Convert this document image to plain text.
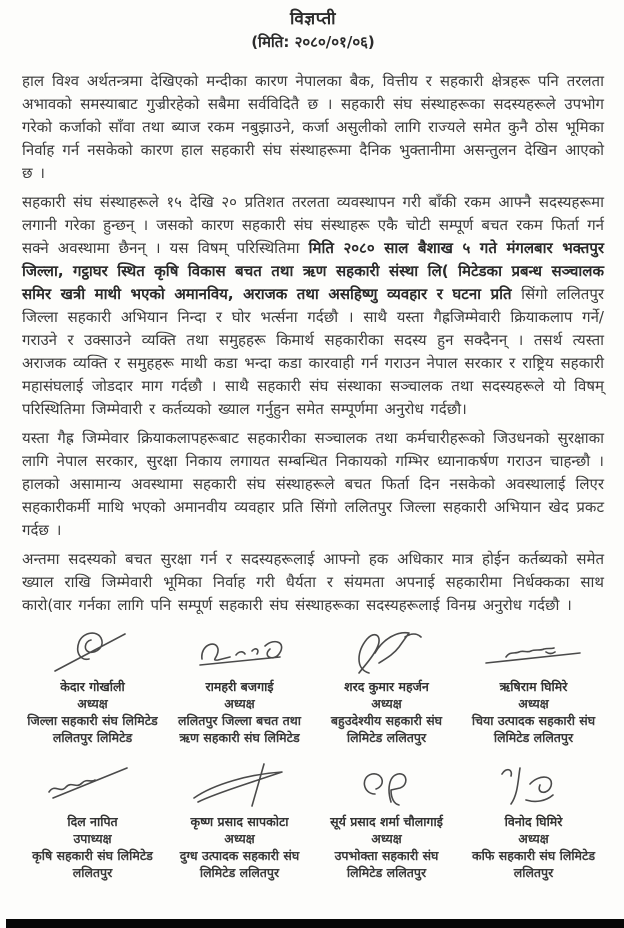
विज्ञप्ती
(मिति: २०८०/०१/०६)

हाल विश्व अर्थतन्त्रमा देखिएको मन्दीका कारण नेपालका बैक, वित्तीय र सहकारी क्षेत्रहरू पनि तरलता अभावको समस्याबाट गुज्रीरहेको सबैमा सर्वविदितै छ । सहकारी संघ संस्थाहरूका सदस्यहरूले उपभोग गरेको कर्जाको साँवा तथा ब्याज रकम नबुझाउने, कर्जा असुलीको लागि राज्यले समेत कुनै ठोस भूमिका निर्वाह गर्न नसकेको कारण हाल सहकारी संघ संस्थाहरूमा दैनिक भुक्तानीमा असन्तुलन देखिन आएको छ ।

सहकारी संघ संस्थाहरूले १५ देखि २० प्रतिशत तरलता व्यवस्थापन गरी बाँकी रकम आफ्नै सदस्यहरूमा लगानी गरेका हुन्छन् । जसको कारण सहकारी संघ संस्थाहरू एकै चोटी सम्पूर्ण बचत रकम फिर्ता गर्न सक्ने अवस्थामा छैनन् । यस विषम् परिस्थितिमा मिति २०८० साल बैशाख ५ गते मंगलबार भक्तपुर जिल्ला, गट्ठाघर स्थित कृषि विकास बचत तथा ऋण सहकारी संस्था लि( मिटेडका प्रबन्ध सञ्चालक समिर खत्री माथी भएको अमानविय, अराजक तथा असहिष्णु व्यवहार र घटना प्रति सिंगो ललितपुर जिल्ला सहकारी अभियान निन्दा र घोर भर्त्सना गर्दछौ । साथै यस्ता गैह्रजिम्मेवारी क्रियाकलाप गर्ने/ गराउने र उक्साउने व्यक्ति तथा समुहहरू किमार्थ सहकारीका सदस्य हुन सक्दैनन् । तसर्थ त्यस्ता अराजक व्यक्ति र समुहहरू माथी कडा भन्दा कडा कारवाही गर्न गराउन नेपाल सरकार र राष्ट्रिय सहकारी महासंघलाई जोडदार माग गर्दछौ । साथै सहकारी संघ संस्थाका सञ्चालक तथा सदस्यहरूले यो विषम् परिस्थितिमा जिम्मेवारी र कर्तव्यको ख्याल गर्नुहुन समेत सम्पूर्णमा अनुरोध गर्दछौ।

यस्ता गैह्र जिम्मेवार क्रियाकलापहरूबाट सहकारीका सञ्चालक तथा कर्मचारीहरूको जिउधनको सुरक्षाका लागि नेपाल सरकार, सुरक्षा निकाय लगायत सम्बन्धित निकायको गम्भिर ध्यानाकर्षण गराउन चाहन्छौ । हालको असामान्य अवस्थामा सहकारी संघ संस्थाहरूले बचत फिर्ता दिन नसकेको अवस्थालाई लिएर सहकारीकर्मी माथि भएको अमानवीय व्यवहार प्रति सिंगो ललितपुर जिल्ला सहकारी अभियान खेद प्रकट गर्दछ ।

अन्तमा सदस्यको बचत सुरक्षा गर्न र सदस्यहरूलाई आफ्नो हक अधिकार मात्र होईन कर्तब्यको समेत ख्याल राखि जिम्मेवारी भूमिका निर्वाह गरी धैर्यता र संयमता अपनाई सहकारीमा निर्धक्कका साथ कारो(वार गर्नका लागि पनि सम्पूर्ण सहकारी संघ संस्थाहरूका सदस्यहरूलाई विनम्र अनुरोध गर्दछौ ।

केदार गोर्खाली
अध्यक्ष
जिल्ला सहकारी संघ लिमिटेड ललितपुर लिमिटेड
रामहरी बजगाई
अध्यक्ष
ललितपुर जिल्ला बचत तथा ऋण सहकारी संघ लिमिटेड
शरद कुमार महर्जन
अध्यक्ष
बहुउदेश्यीय सहकारी संघ लिमिटेड ललितपुर
ऋषिराम घिमिरे
अध्यक्ष
चिया उत्पादक सहकारी संघ लिमिटेड ललितपुर
दिल नापित
उपाध्यक्ष
कृषि सहकारी संघ लिमिटेड ललितपुर
कृष्ण प्रसाद सापकोटा
अध्यक्ष
दुग्ध उत्पादक सहकारी संघ लिमिटेड ललितपुर
सूर्य प्रसाद शर्मा चौलागाई
अध्यक्ष
उपभोक्ता सहकारी संघ लिमिटेड ललितपुर
विनोद घिमिरे
अध्यक्ष
कफि सहकारी संघ लिमिटेड ललितपुर
